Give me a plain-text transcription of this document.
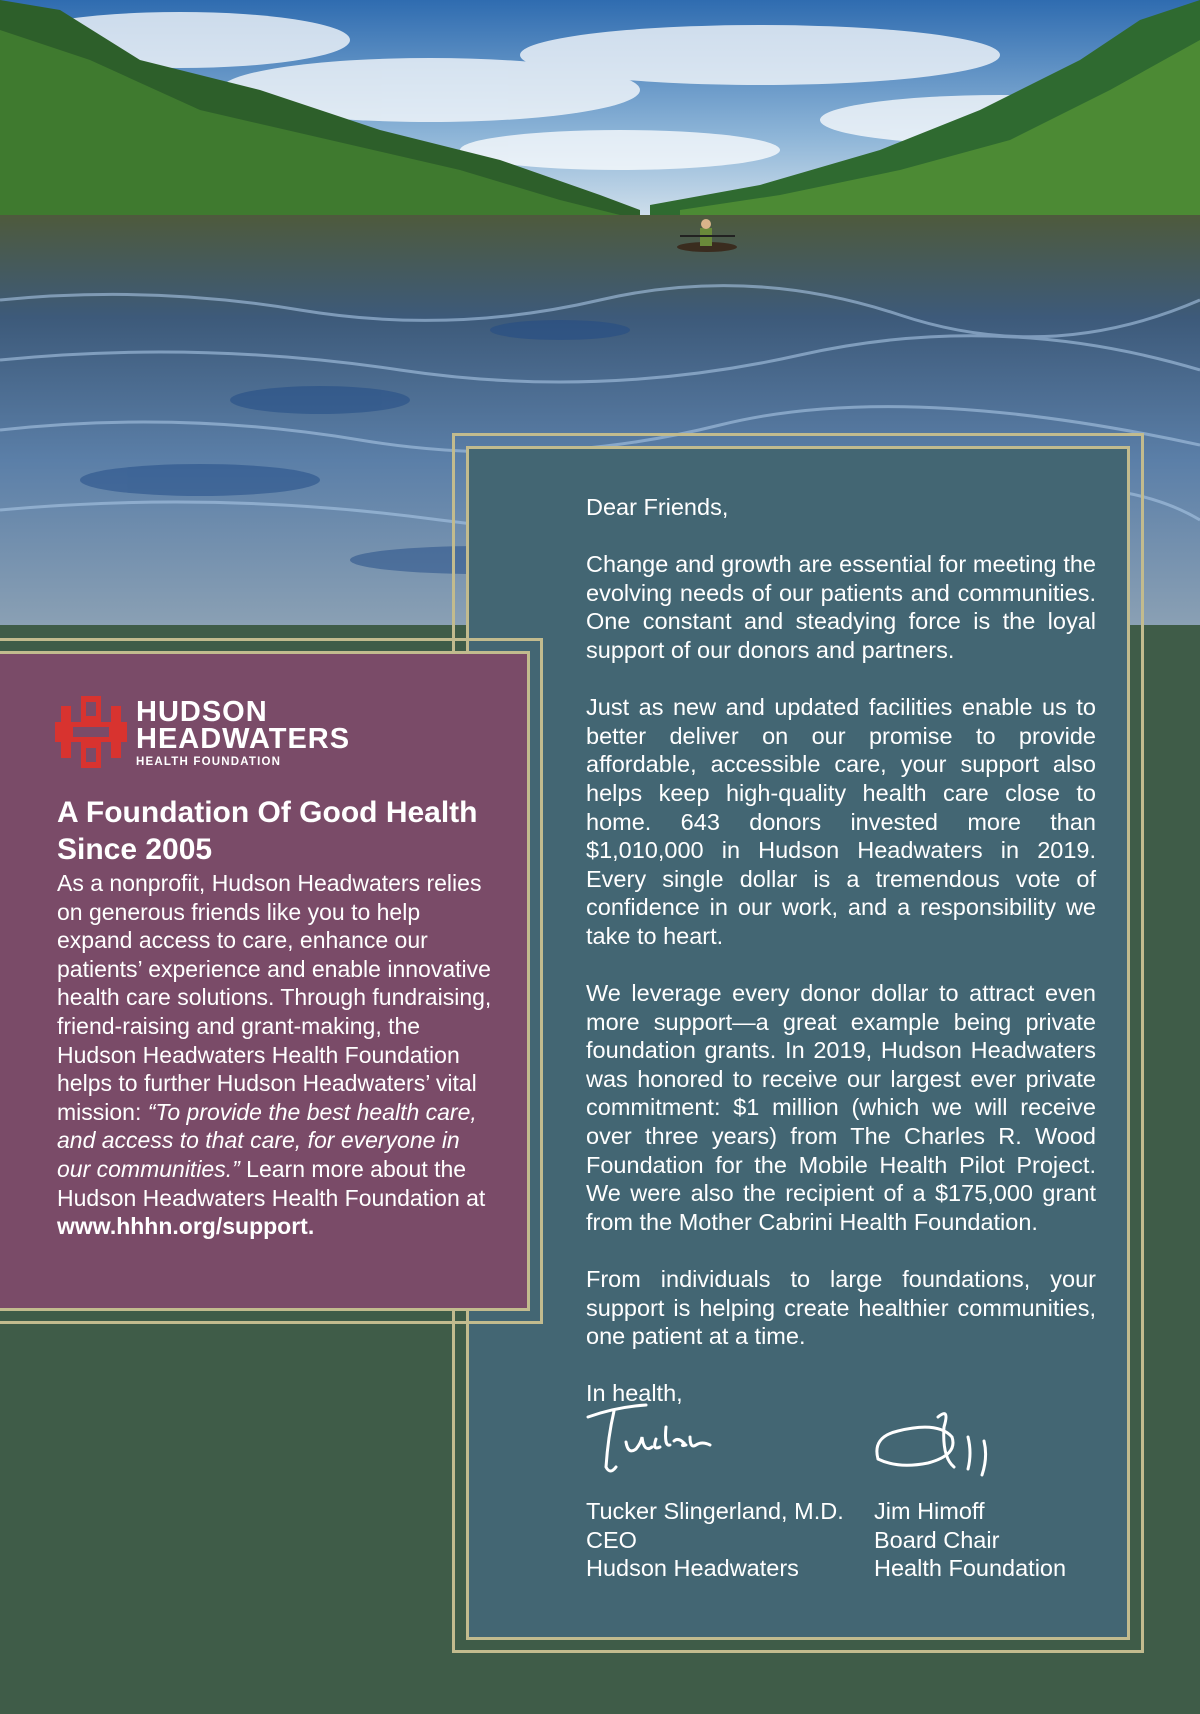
Dear Friends,

Change and growth are essential for meeting the evolving needs of our patients and communities. One constant and steadying force is the loyal support of our donors and partners.

Just as new and updated facilities enable us to better deliver on our promise to provide affordable, accessible care, your support also helps keep high-quality health care close to home. 643 donors invested more than $1,010,000 in Hudson Headwaters in 2019. Every single dollar is a tremendous vote of confidence in our work, and a responsibility we take to heart.

We leverage every donor dollar to attract even more support—a great example being private foundation grants. In 2019, Hudson Headwaters was honored to receive our largest ever private commitment: $1 million (which we will receive over three years) from The Charles R. Wood Foundation for the Mobile Health Pilot Project. We were also the recipient of a $175,000 grant from the Mother Cabrini Health Foundation.

From individuals to large foundations, your support is helping create healthier communities, one patient at a time.

In health,

Tucker Slingerland, M.D.
CEO
Hudson Headwaters
Jim Himoff
Board Chair
Health Foundation
HUDSON
HEADWATERS
HEALTH FOUNDATION
A Foundation Of Good Health Since 2005
As a nonprofit, Hudson Headwaters relies on generous friends like you to help expand access to care, enhance our patients’ experience and enable innovative health care solutions. Through fundraising, friend-raising and grant-making, the Hudson Headwaters Health Foundation helps to further Hudson Headwaters’ vital mission: “To provide the best health care, and access to that care, for everyone in our communities.” Learn more about the Hudson Headwaters Health Foundation at www.hhhn.org/support.
